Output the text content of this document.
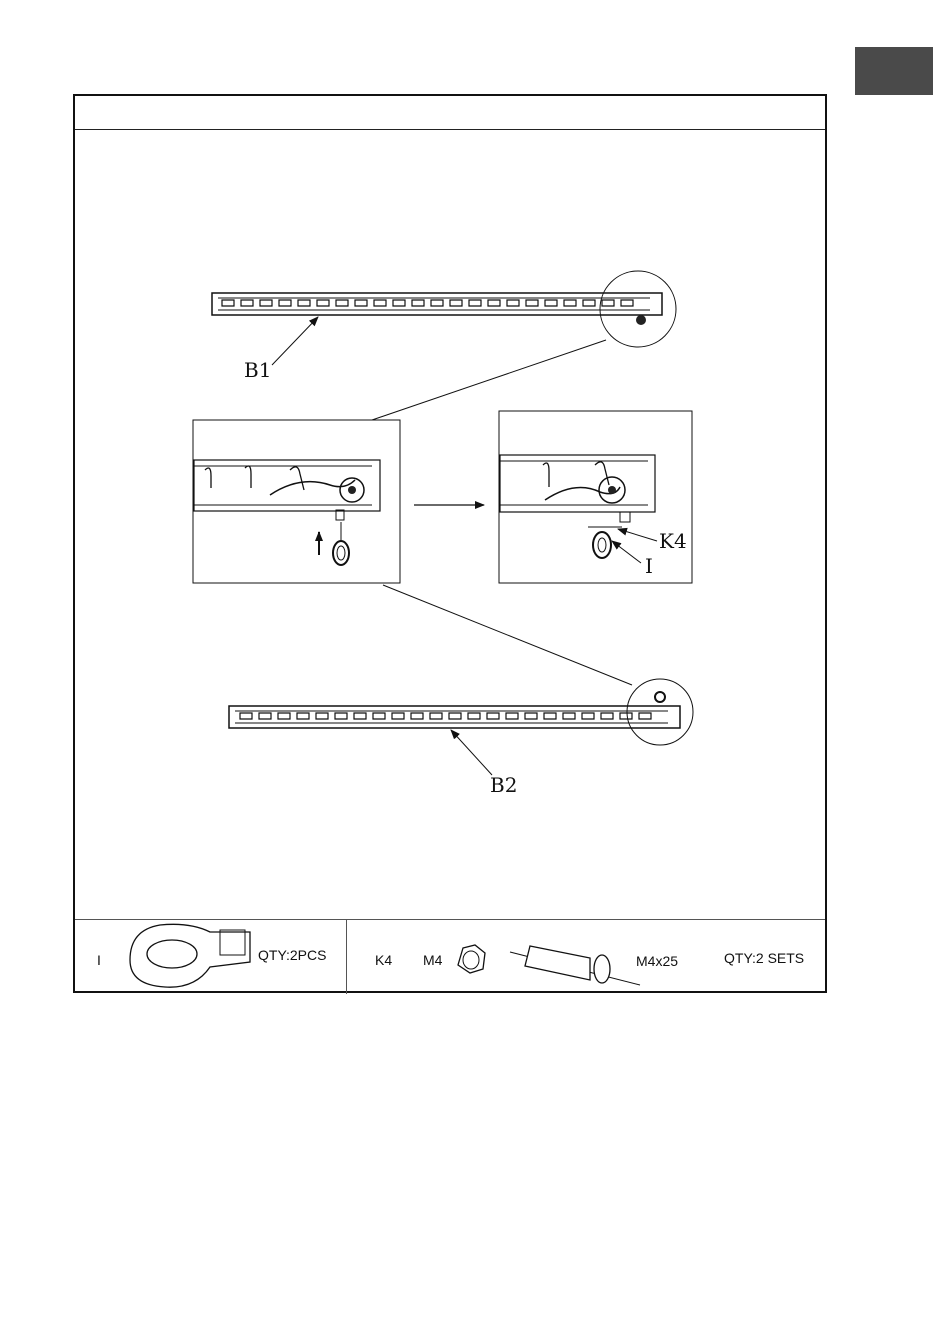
K4
I
B1
B2
I	QTY:2PCS	K4 M4	M4x25	QTY:2 SETS
